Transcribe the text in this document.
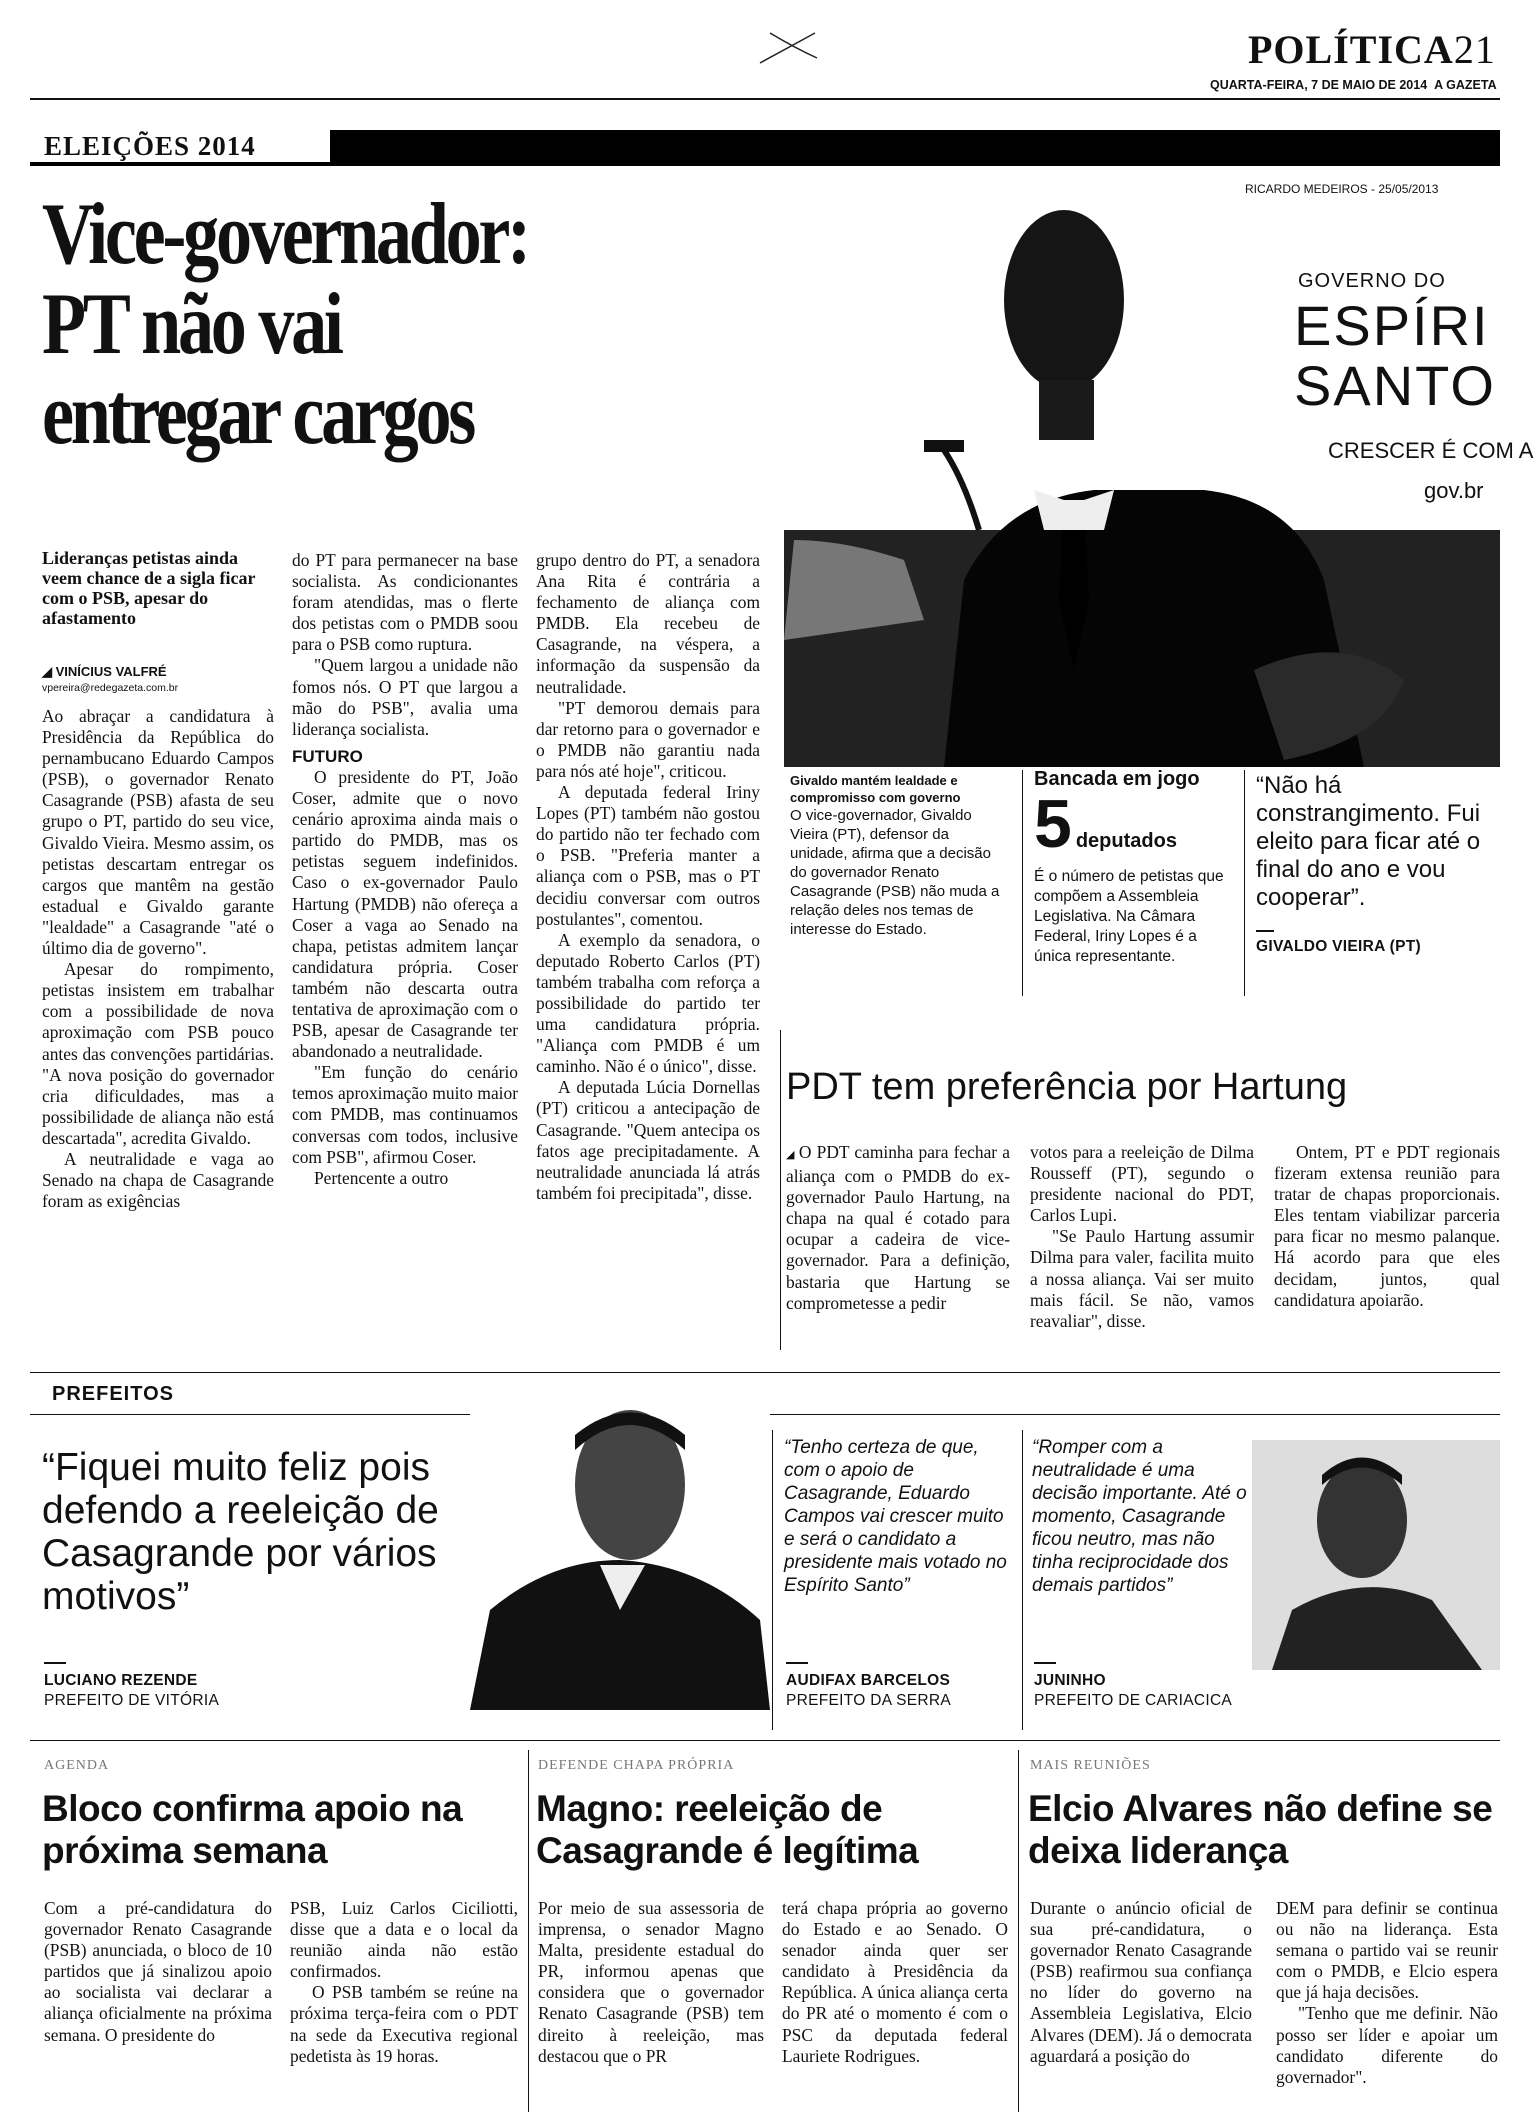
POLÍTICA21
QUARTA-FEIRA, 7 DE MAIO DE 2014 A GAZETA
ELEIÇÕES 2014
RICARDO MEDEIROS - 25/05/2013
Vice-governador:
PT não vai
entregar cargos
GOVERNO DO
ESPÍRI
SANTO
CRESCER É COM A
gov.br
Lideranças petistas ainda veem chance de a sigla ficar com o PSB, apesar do afastamento
◢ VINÍCIUS VALFRÉ
vpereira@redegazeta.com.br

Ao abraçar a candidatura à Presidência da República do pernambucano Eduardo Campos (PSB), o governador Renato Casagrande (PSB) afasta de seu grupo o PT, partido do seu vice, Givaldo Vieira. Mesmo assim, os petistas descartam entregar os cargos que mantêm na gestão estadual e Givaldo garante "lealdade" a Casagrande "até o último dia de governo".

Apesar do rompimento, petistas insistem em trabalhar com a possibilidade de nova aproximação com PSB pouco antes das convenções partidárias. "A nova posição do governador cria dificuldades, mas a possibilidade de aliança não está descartada", acredita Givaldo.

A neutralidade e vaga ao Senado na chapa de Casagrande foram as exigências

do PT para permanecer na base socialista. As condicionantes foram atendidas, mas o flerte dos petistas com o PMDB soou para o PSB como ruptura.

"Quem largou a unidade não fomos nós. O PT que largou a mão do PSB", avalia uma liderança socialista.

FUTURO

O presidente do PT, João Coser, admite que o novo cenário aproxima ainda mais o partido do PMDB, mas os petistas seguem indefinidos. Caso o ex-governador Paulo Hartung (PMDB) não ofereça a Coser a vaga ao Senado na chapa, petistas admitem lançar candidatura própria. Coser também não descarta outra tentativa de aproximação com o PSB, apesar de Casagrande ter abandonado a neutralidade.

"Em função do cenário temos aproximação muito maior com PMDB, mas continuamos conversas com todos, inclusive com PSB", afirmou Coser.

Pertencente a outro

grupo dentro do PT, a senadora Ana Rita é contrária a fechamento de aliança com PMDB. Ela recebeu de Casagrande, na véspera, a informação da suspensão da neutralidade.

"PT demorou demais para dar retorno para o governador e o PMDB não garantiu nada para nós até hoje", criticou.

A deputada federal Iriny Lopes (PT) também não gostou do partido não ter fechado com o PSB. "Preferia manter a aliança com o PSB, mas o PT decidiu conversar com outros postulantes", comentou.

A exemplo da senadora, o deputado Roberto Carlos (PT) também trabalha com reforça a possibilidade do partido ter uma candidatura própria. "Aliança com PMDB é um caminho. Não é o único", disse.

A deputada Lúcia Dornellas (PT) criticou a antecipação de Casagrande. "Quem antecipa os fatos age precipitadamente. A neutralidade anunciada lá atrás também foi precipitada", disse.

Givaldo mantém lealdade e compromisso com governo
O vice-governador, Givaldo Vieira (PT), defensor da unidade, afirma que a decisão do governador Renato Casagrande (PSB) não muda a relação deles nos temas de interesse do Estado.
Bancada em jogo
5 deputados
É o número de petistas que compõem a Assembleia Legislativa. Na Câmara Federal, Iriny Lopes é a única representante.
“Não há constrangimento. Fui eleito para ficar até o final do ano e vou cooperar”.
GIVALDO VIEIRA (PT)
PDT tem preferência por Hartung

◢ O PDT caminha para fechar a aliança com o PMDB do ex-governador Paulo Hartung, na chapa na qual é cotado para ocupar a cadeira de vice-governador. Para a definição, bastaria que Hartung se comprometesse a pedir

votos para a reeleição de Dilma Rousseff (PT), segundo o presidente nacional do PDT, Carlos Lupi.

"Se Paulo Hartung assumir Dilma para valer, facilita muito a nossa aliança. Vai ser muito mais fácil. Se não, vamos reavaliar", disse.

Ontem, PT e PDT regionais fizeram extensa reunião para tratar de chapas proporcionais. Eles tentam viabilizar parceria para ficar no mesmo palanque. Há acordo para que eles decidam, juntos, qual candidatura apoiarão.

PREFEITOS
“Fiquei muito feliz pois defendo a reeleição de Casagrande por vários motivos”
LUCIANO REZENDE
PREFEITO DE VITÓRIA
“Tenho certeza de que, com o apoio de Casagrande, Eduardo Campos vai crescer muito e será o candidato a presidente mais votado no Espírito Santo”
AUDIFAX BARCELOS
PREFEITO DA SERRA
“Romper com a neutralidade é uma decisão importante. Até o momento, Casagrande ficou neutro, mas não tinha reciprocidade dos demais partidos”
JUNINHO
PREFEITO DE CARIACICA
AGENDA
Bloco confirma apoio na próxima semana

Com a pré-candidatura do governador Renato Casagrande (PSB) anunciada, o bloco de 10 partidos que já sinalizou apoio ao socialista vai declarar a aliança oficialmente na próxima semana. O presidente do

PSB, Luiz Carlos Ciciliotti, disse que a data e o local da reunião ainda não estão confirmados.

O PSB também se reúne na próxima terça-feira com o PDT na sede da Executiva regional pedetista às 19 horas.

DEFENDE CHAPA PRÓPRIA
Magno: reeleição de Casagrande é legítima

Por meio de sua assessoria de imprensa, o senador Magno Malta, presidente estadual do PR, informou apenas que considera que o governador Renato Casagrande (PSB) tem direito à reeleição, mas destacou que o PR

terá chapa própria ao governo do Estado e ao Senado. O senador ainda quer ser candidato à Presidência da República. A única aliança certa do PR até o momento é com o PSC da deputada federal Lauriete Rodrigues.

MAIS REUNIÕES
Elcio Alvares não define se deixa liderança

Durante o anúncio oficial de sua pré-candidatura, o governador Renato Casagrande (PSB) reafirmou sua confiança no líder do governo na Assembleia Legislativa, Elcio Alvares (DEM). Já o democrata aguardará a posição do

DEM para definir se continua ou não na liderança. Esta semana o partido vai se reunir com o PMDB, e Elcio espera que já haja decisões.

"Tenho que me definir. Não posso ser líder e apoiar um candidato diferente do governador".
